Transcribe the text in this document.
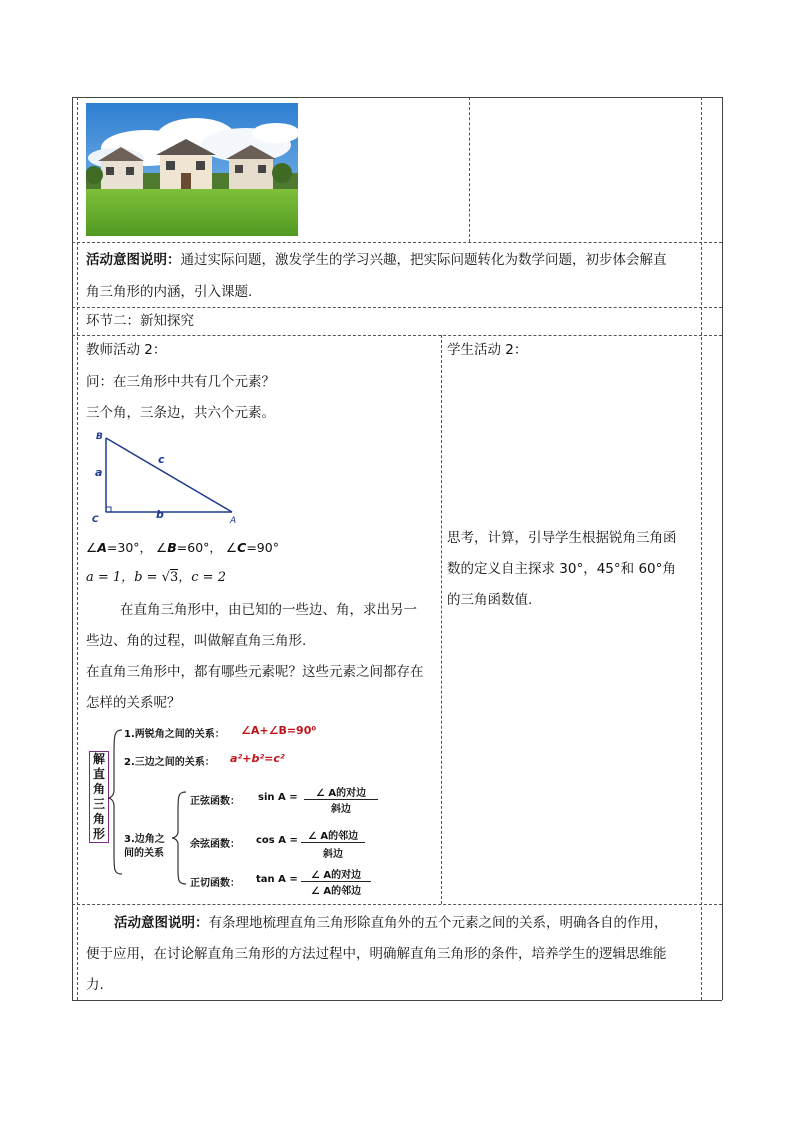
活动意图说明：通过实际问题，激发学生的学习兴趣，把实际问题转化为数学问题，初步体会解直
角三角形的内涵，引入课题.
环节二：新知探究
教师活动 2：
问：在三角形中共有几个元素？
三个角，三条边，共六个元素。
B
C	A
a
b
c
∠A=30°， ∠B=60°， ∠C=90°
a = 1，b = √3，c = 2
在直角三角形中，由已知的一些边、角，求出另一
些边、角的过程，叫做解直角三角形.
在直角三角形中，都有哪些元素呢？这些元素之间都存在
怎样的关系呢？
解
直
角
三
角
形
1.两锐角之间的关系： ∠A+∠B=90⁰
2.三边之间的关系： a²+b²=c²
3.边角之
间的关系
正弦函数： sin A =	∠ A的对边
斜边
余弦函数： cos A =	∠ A的邻边
斜边
正切函数： tan A =	∠ A的对边
∠ A的邻边
学生活动 2：
思考，计算，引导学生根据锐角三角函
数的定义自主探求 30°，45°和 60°角
的三角函数值.
活动意图说明：有条理地梳理直角三角形除直角外的五个元素之间的关系，明确各自的作用，
便于应用，在讨论解直角三角形的方法过程中，明确解直角三角形的条件，培养学生的逻辑思维能
力.
